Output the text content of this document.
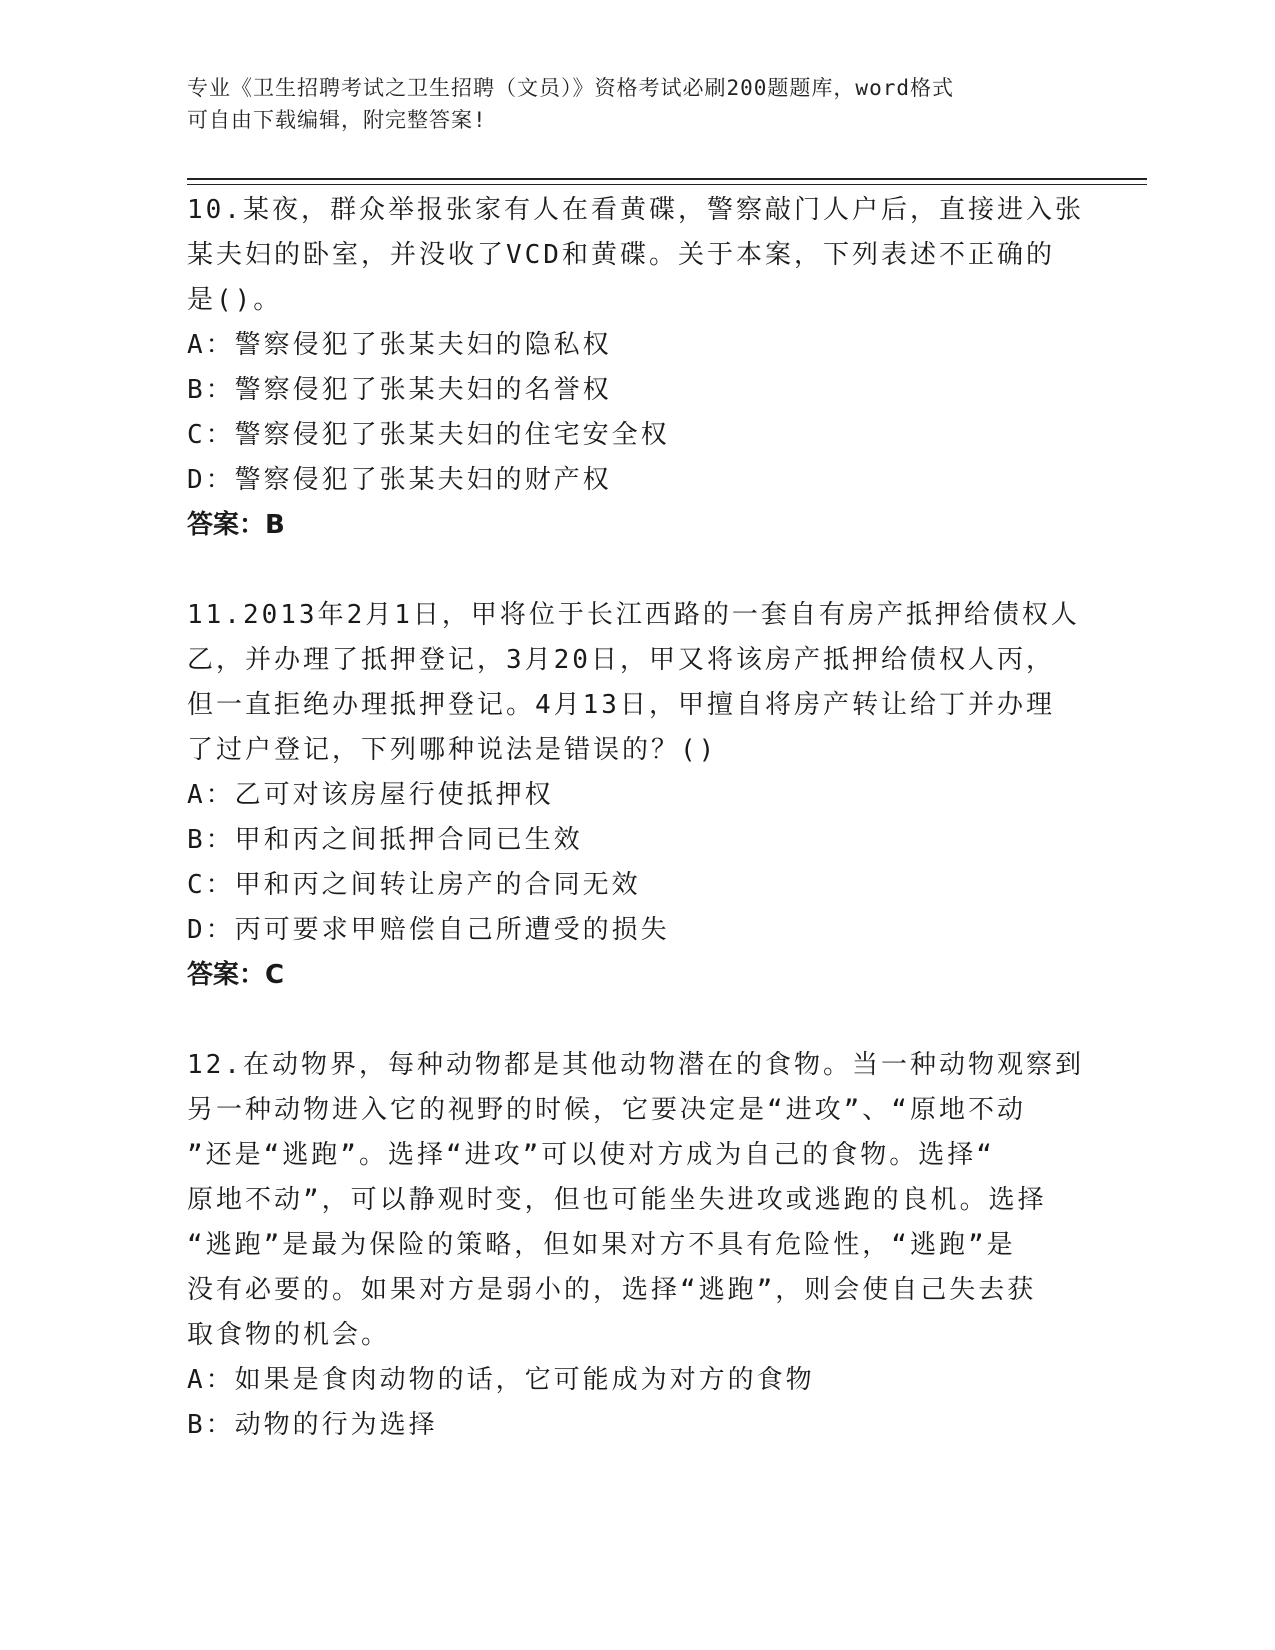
专业《卫生招聘考试之卫生招聘（文员）》资格考试必刷200题题库，word格式
可自由下载编辑，附完整答案!

10.某夜，群众举报张家有人在看黄碟，警察敲门人户后，直接进入张

某夫妇的卧室，并没收了VCD和黄碟。关于本案，下列表述不正确的

是()。

A：警察侵犯了张某夫妇的隐私权

B：警察侵犯了张某夫妇的名誉权

C：警察侵犯了张某夫妇的住宅安全权

D：警察侵犯了张某夫妇的财产权

答案：B

11.2013年2月1日，甲将位于长江西路的一套自有房产抵押给债权人

乙，并办理了抵押登记，3月20日，甲又将该房产抵押给债权人丙，

但一直拒绝办理抵押登记。4月13日，甲擅自将房产转让给丁并办理

了过户登记，下列哪种说法是错误的？()

A：乙可对该房屋行使抵押权

B：甲和丙之间抵押合同已生效

C：甲和丙之间转让房产的合同无效

D：丙可要求甲赔偿自己所遭受的损失

答案：C

12.在动物界，每种动物都是其他动物潜在的食物。当一种动物观察到

另一种动物进入它的视野的时候，它要决定是“进攻”、“原地不动

”还是“逃跑”。选择“进攻”可以使对方成为自己的食物。选择“

原地不动”，可以静观时变，但也可能坐失进攻或逃跑的良机。选择

“逃跑”是最为保险的策略，但如果对方不具有危险性，“逃跑”是

没有必要的。如果对方是弱小的，选择“逃跑”，则会使自己失去获

取食物的机会。

A：如果是食肉动物的话，它可能成为对方的食物

B：动物的行为选择
